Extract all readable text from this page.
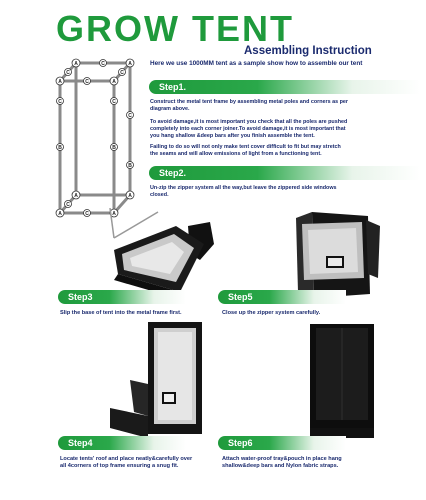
GROW TENT
Assembling Instruction
Here we use 1000MM tent as a sample show how to assemble our tent
A	A
A	A
A	A
A	A
C	C
C
C
C	C
B	B
C
B
C
C
Step1.
Construct the metal tent frame by assembling metal poles and corners as per
diagram above.
To avoid damage,it is most important you check that all the poles are pushed
completely into each corner joiner.To avoid damage,it is most important that
you hang shallow &deep bars after you finish assemble the tent.
Failing to do so will not only make tent cover difficult to fit but may stretch
the seams and will allow emissions of light from a functioning tent.
Step2.
Un-zip the zipper system all the way,but leave the zippered side windows
closed.
Step3
Slip the base of tent into the metal frame first.
Step5
Close up the zipper system carefully.
Step4
Locate tents' roof and place neatly&carefully over
all 4corners of top frame ensuring a snug fit.
Step6
Attach water-proof tray&pouch in place hang
shallow&deep bars and Nylon fabric straps.
